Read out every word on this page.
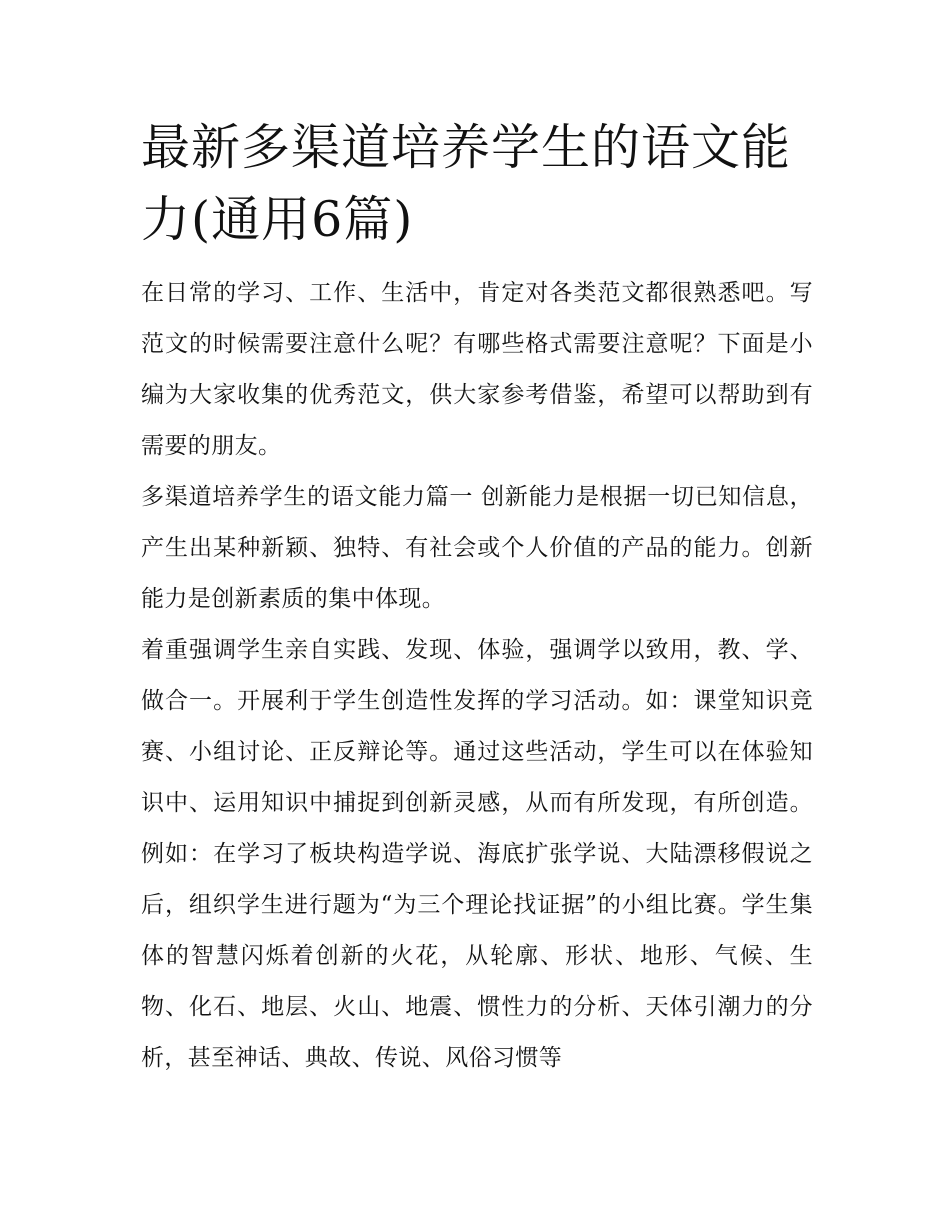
最新多渠道培养学生的语文能力(通用6篇)

在日常的学习、工作、生活中，肯定对各类范文都很熟悉吧。写范文的时候需要注意什么呢？有哪些格式需要注意呢？下面是小编为大家收集的优秀范文，供大家参考借鉴，希望可以帮助到有需要的朋友。

多渠道培养学生的语文能力篇一 创新能力是根据一切已知信息，产生出某种新颖、独特、有社会或个人价值的产品的能力。创新能力是创新素质的集中体现。

着重强调学生亲自实践、发现、体验，强调学以致用，教、学、做合一。开展利于学生创造性发挥的学习活动。如：课堂知识竞赛、小组讨论、正反辩论等。通过这些活动，学生可以在体验知识中、运用知识中捕捉到创新灵感，从而有所发现，有所创造。例如：在学习了板块构造学说、海底扩张学说、大陆漂移假说之后，组织学生进行题为“为三个理论找证据”的小组比赛。学生集体的智慧闪烁着创新的火花，从轮廓、形状、地形、气候、生物、化石、地层、火山、地震、惯性力的分析、天体引潮力的分析，甚至神话、典故、传说、风俗习惯等
